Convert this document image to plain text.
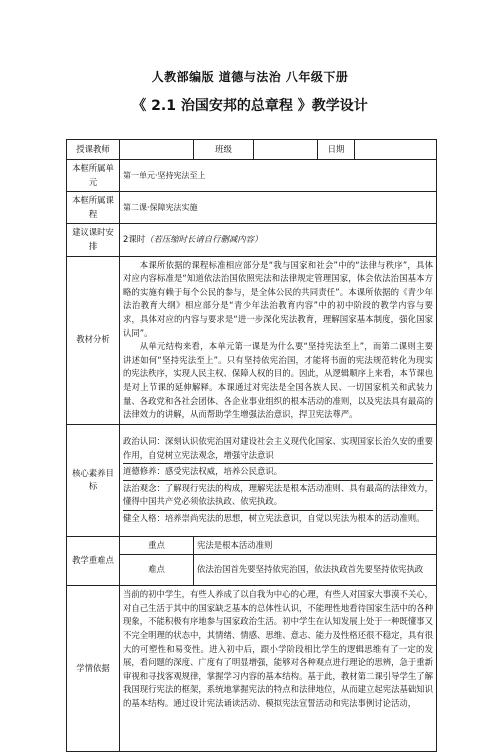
人教部编版 道德与法治 八年级下册
《 2.1 治国安邦的总章程 》教学设计
授课教师		班级		日期	
本框所属单元	第一单元·坚持宪法至上				
本框所属课程	第二课·保障宪法实施				
建议课时安排	2课时（若压缩时长请自行删减内容）				
教材分析	本课所依据的课程标准相应部分是“我与国家和社会”中的“法律与秩序”，具体对应内容标准是“知道依法治国依照宪法和法律规定管理国家，体会依法治国基本方略的实施有赖于每个公民的参与，是全体公民的共同责任”。本课所依据的《青少年法治教育大纲》相应部分是“青少年法治教育内容”中的初中阶段的教学内容与要求，具体对应的内容与要求是“进一步深化宪法教育，理解国家基本制度，强化国家认同”。

从单元结构来看，本单元第一课是为什么要“坚持宪法至上”，而第二课则主要讲述如何“坚持宪法至上”。只有坚持依宪治国，才能将书面的宪法规范转化为现实的宪法秩序，实现人民主权、保障人权的目的。因此，从逻辑顺序上来看，本节课也是对上节课的延伸解释。本课通过对宪法是全国各族人民、一切国家机关和武装力量、各政党和各社会团体、各企业事业组织的根本活动的准则，以及宪法具有最高的法律效力的讲解，从而帮助学生增强法治意识，捍卫宪法尊严。				

核心素养目标	政治认同：深刻认识依宪治国对建设社会主义现代化国家、实现国家长治久安的重要作用，自觉树立宪法观念，增强守法意识

道德修养：感受宪法权威，培养公民意识。

法治观念：了解现行宪法的构成，理解宪法是根本活动准则、具有最高的法律效力，懂得中国共产党必须依法执政、依宪执政。

健全人格：培养崇尚宪法的思想，树立宪法意识，自觉以宪法为根本的活动准则。				

教学重难点	重点	宪法是根本活动准则			
	难点	依法治国首先要坚持依宪治国，依法执政首先要坚持依宪执政			
学情依据	当前的初中学生，有些人养成了以自我为中心的心理，有些人对国家大事漠不关心，对自己生活于其中的国家缺乏基本的总体性认识，不能理性地看待国家生活中的各种现象，不能积极有序地参与国家政治生活。初中学生在认知发展上处于一种既懂事又不完全明理的状态中，其情绪、情感、思维、意志、能力及性格还很不稳定，具有很大的可塑性和易变性。进入初中后，跟小学阶段相比学生的逻辑思维有了一定的发展，看问题的深度、广度有了明显增强，能够对各种观点进行理论的思辨，急于重新审视和寻找客观规律，掌握学习内容的基本结构。基于此，教材第二课引导学生了解我国现行宪法的框架，系统地掌握宪法的特点和法律地位，从而建立起宪法基础知识的基本结构。通过设计宪法诵读活动、模拟宪法宣誓活动和宪法事例讨论活动，				
